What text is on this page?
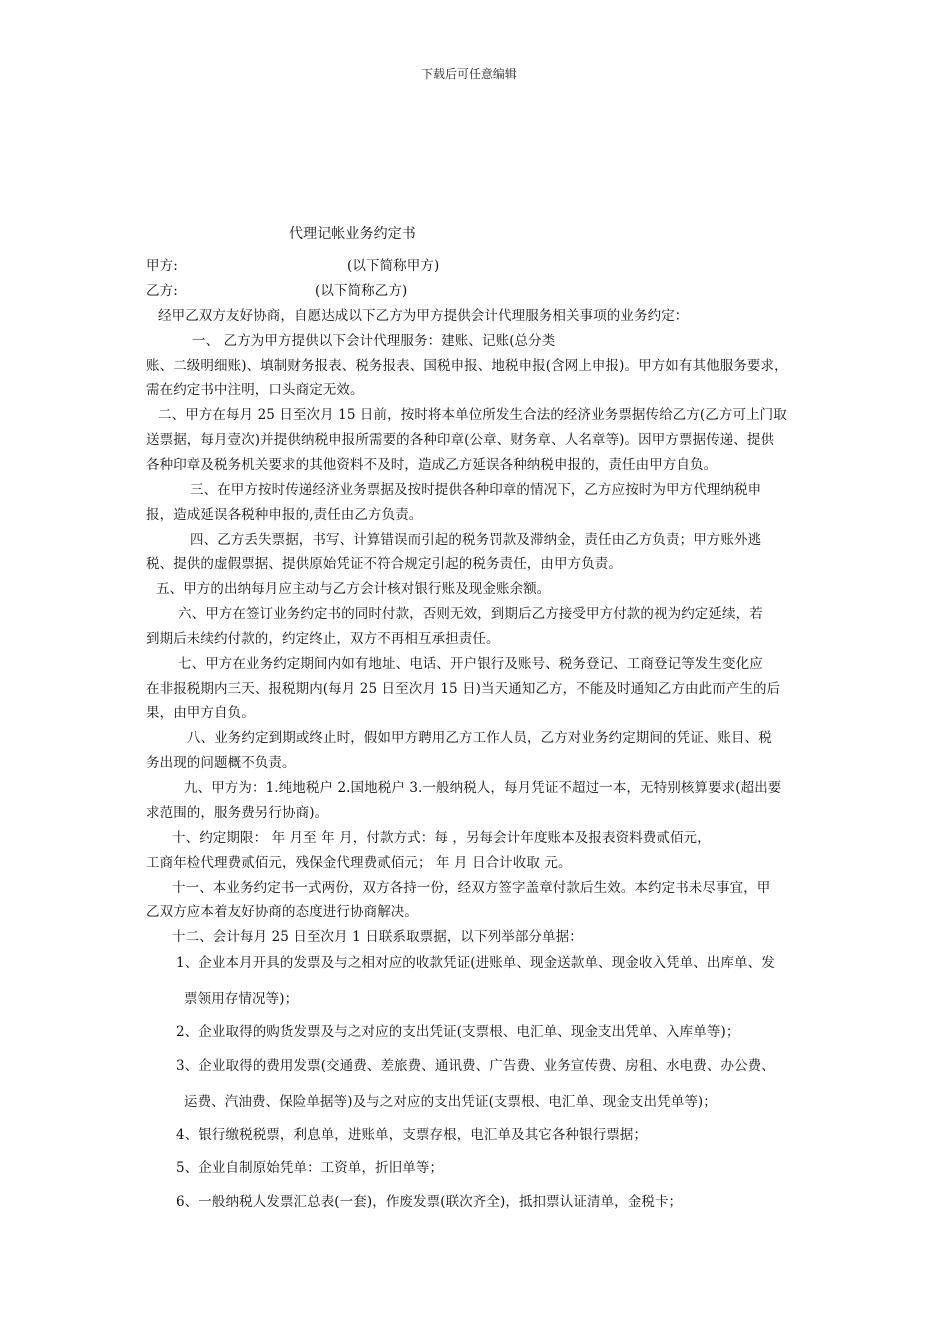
下载后可任意编辑
代理记帐业务约定书
甲方:	(以下简称甲方)
乙方:	(以下简称乙方)
经甲乙双方友好协商，自愿达成以下乙方为甲方提供会计代理服务相关事项的业务约定：
一、 乙方为甲方提供以下会计代理服务：建账、记账(总分类
账、二级明细账)、填制财务报表、税务报表、国税申报、地税申报(含网上申报)。甲方如有其他服务要求，
需在约定书中注明，口头商定无效。
二、甲方在每月 25 日至次月 15 日前，按时将本单位所发生合法的经济业务票据传给乙方(乙方可上门取
送票据，每月壹次)并提供纳税申报所需要的各种印章(公章、财务章、人名章等)。因甲方票据传递、提供
各种印章及税务机关要求的其他资料不及时，造成乙方延误各种纳税申报的，责任由甲方自负。
三、在甲方按时传递经济业务票据及按时提供各种印章的情况下，乙方应按时为甲方代理纳税申
报，造成延误各税种申报的,责任由乙方负责。
四、乙方丢失票据，书写、计算错误而引起的税务罚款及滞纳金，责任由乙方负责；甲方账外逃
税、提供的虚假票据、提供原始凭证不符合规定引起的税务责任，由甲方负责。
五、甲方的出纳每月应主动与乙方会计核对银行账及现金账余额。
六、甲方在签订业务约定书的同时付款，否则无效，到期后乙方接受甲方付款的视为约定延续，若
到期后未续约付款的，约定终止，双方不再相互承担责任。
七、甲方在业务约定期间内如有地址、电话、开户银行及账号、税务登记、工商登记等发生变化应
在非报税期内三天、报税期内(每月 25 日至次月 15 日)当天通知乙方，不能及时通知乙方由此而产生的后
果，由甲方自负。
八、业务约定到期或终止时，假如甲方聘用乙方工作人员，乙方对业务约定期间的凭证、账目、税
务出现的问题概不负责。
九、甲方为：1.纯地税户 2.国地税户 3.一般纳税人，每月凭证不超过一本，无特别核算要求(超出要
求范围的，服务费另行协商)。
十、约定期限： 年 月至 年 月，付款方式：每 ，另每会计年度账本及报表资料费贰佰元，
工商年检代理费贰佰元，残保金代理费贰佰元； 年 月 日合计收取 元。
十一、本业务约定书一式两份，双方各持一份，经双方签字盖章付款后生效。本约定书未尽事宜，甲
乙双方应本着友好协商的态度进行协商解决。
十二、会计每月 25 日至次月 1 日联系取票据，以下列举部分单据：
1、企业本月开具的发票及与之相对应的收款凭证(进账单、现金送款单、现金收入凭单、出库单、发
票领用存情况等)；
2、企业取得的购货发票及与之对应的支出凭证(支票根、电汇单、现金支出凭单、入库单等)；
3、企业取得的费用发票(交通费、差旅费、通讯费、广告费、业务宣传费、房租、水电费、办公费、
运费、汽油费、保险单据等)及与之对应的支出凭证(支票根、电汇单、现金支出凭单等)；
4、银行缴税税票，利息单，进账单，支票存根，电汇单及其它各种银行票据；
5、企业自制原始凭单：工资单，折旧单等；
6、一般纳税人发票汇总表(一套)，作废发票(联次齐全)，抵扣票认证清单，金税卡；
